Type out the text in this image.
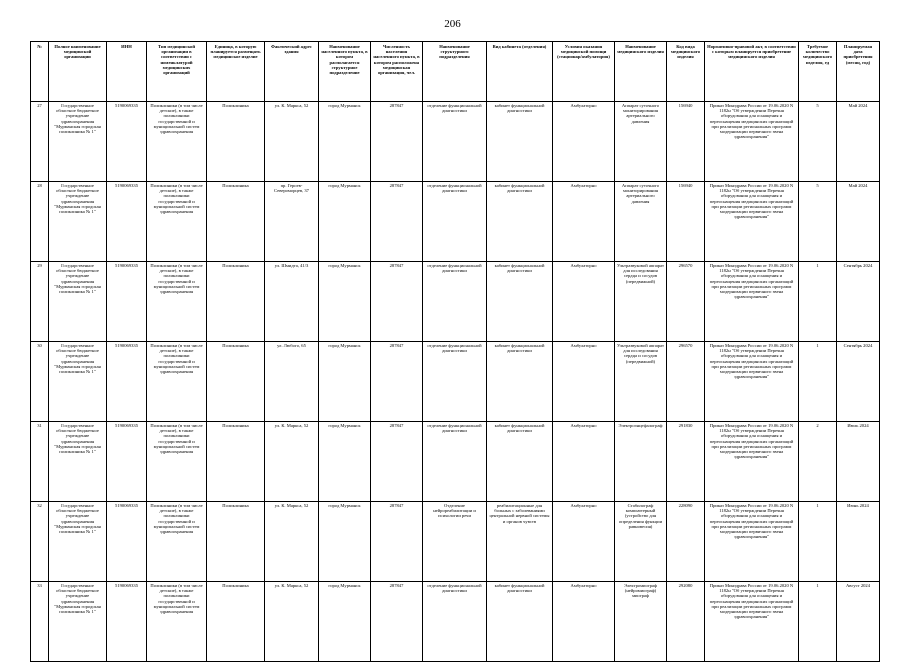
206
№	Полное наименование медицинской организации	ИНН	Тип медицинской организации в соответствии с номенклатурой медицинских организаций	Единица, в которую планируется размещать медицинское изделие	Фактический адрес здания	Наименование населенного пункта, в котором располагается структурное подразделение	Численность населения населенного пункта, в котором расположена медицинская организация, чел.	Наименование структурного подразделения	Вид кабинета (отделения)	Условия оказания медицинской помощи (стационар/амбулатория)	Наименование медицинского изделия	Код вида медицинского изделия	Нормативно-правовой акт, в соответствии с которым планируется приобретение медицинского изделия	Требуемое количество медицинского изделия, ед	Планируемая дата приобретения (месяц, год)
27	Государственное областное бюджетное учреждение здравоохранения "Мурманская городская поликлиника № 1"	5190069335	Поликлиники (в том числе детские), в также поликлиники государственной и муниципальной систем здравоохранения	Поликлиника	ул. К. Маркса, 52	город Мурманск	287847	отделение функциональной диагностики	кабинет функциональной диагностики	Амбулаторно	Аппарат суточного мониторирования артериального давления	156940	Приказ Минздрава России от 19.06.2020 N 1182н "Об утверждении Перечня оборудования для оснащения и переоснащения медицинских организаций при реализации региональных программ модернизации первичного звена здравоохранения"	5	Май 2024
28	Государственное областное бюджетное учреждение здравоохранения "Мурманская городская поликлиника № 1"	5190069335	Поликлиники (в том числе детские), в также поликлиники государственной и муниципальной систем здравоохранения	Поликлиника	пр. Героев-Североморцев, 37	город Мурманск	287847	отделение функциональной диагностики	кабинет функциональной диагностики	Амбулаторно	Аппарат суточного мониторирования артериального давления	156940	Приказ Минздрава России от 19.06.2020 N 1182н "Об утверждении Перечня оборудования для оснащения и переоснащения медицинских организаций при реализации региональных программ модернизации первичного звена здравоохранения"	5	Май 2024
29	Государственное областное бюджетное учреждение здравоохранения "Мурманская городская поликлиника № 1"	5190069335	Поликлиники (в том числе детские), в также поликлиники государственной и муниципальной систем здравоохранения	Поликлиника	ул. Шмидта, 41/3	город Мурманск	287847	отделение функциональной диагностики	кабинет функциональной диагностики	Амбулаторно	Ультразвуковой аппарат для исследования сердца и сосудов (передвижной)	296570	Приказ Минздрава России от 19.06.2020 N 1182н "Об утверждении Перечня оборудования для оснащения и переоснащения медицинских организаций при реализации региональных программ модернизации первичного звена здравоохранения"	1	Сентябрь 2024
30	Государственное областное бюджетное учреждение здравоохранения "Мурманская городская поликлиника № 1"	5190069335	Поликлиники (в том числе детские), в также поликлиники государственной и муниципальной систем здравоохранения	Поликлиника	ул. Любого, 65	город Мурманск	287847	отделение функциональной диагностики	кабинет функциональной диагностики	Амбулаторно	Ультразвуковой аппарат для исследования сердца и сосудов (передвижной)	296570	Приказ Минздрава России от 19.06.2020 N 1182н "Об утверждении Перечня оборудования для оснащения и переоснащения медицинских организаций при реализации региональных программ модернизации первичного звена здравоохранения"	1	Сентябрь 2024
31	Государственное областное бюджетное учреждение здравоохранения "Мурманская городская поликлиника № 1"	5190069335	Поликлиники (в том числе детские), в также поликлиники государственной и муниципальной систем здравоохранения	Поликлиника	ул. К. Маркса, 52	город Мурманск	287847	отделение функциональной диагностики	кабинет функциональной диагностики	Амбулаторно	Электроэнцефалограф	291830	Приказ Минздрава России от 19.06.2020 N 1182н "Об утверждении Перечня оборудования для оснащения и переоснащения медицинских организаций при реализации региональных программ модернизации первичного звена здравоохранения"	2	Июль 2024
32	Государственное областное бюджетное учреждение здравоохранения "Мурманская городская поликлиника № 1"	5190069335	Поликлиники (в том числе детские), в также поликлиники государственной и муниципальной систем здравоохранения	Поликлиника	ул. К. Маркса, 52	город Мурманск	287847	Отделение нейрореабилитации и психологии речи	реабилитационные для больных с заболеваниями центральной нервной системы и органов чувств	Амбулаторно	Стабилограф компьютерный (устройство для определения функции равновесия)	228090	Приказ Минздрава России от 19.06.2020 N 1182н "Об утверждении Перечня оборудования для оснащения и переоснащения медицинских организаций при реализации региональных программ модернизации первичного звена здравоохранения"	1	Июнь 2024
33	Государственное областное бюджетное учреждение здравоохранения "Мурманская городская поликлиника № 1"	5190069335	Поликлиники (в том числе детские), в также поликлиники государственной и муниципальной систем здравоохранения	Поликлиника	ул. К. Маркса, 52	город Мурманск	287847	отделение функциональной диагностики	кабинет функциональной диагностики	Амбулаторно	Электромиограф (нейромиограф) миограф	292080	Приказ Минздрава России от 19.06.2020 N 1182н "Об утверждении Перечня оборудования для оснащения и переоснащения медицинских организаций при реализации региональных программ модернизации первичного звена здравоохранения"	1	Август 2024
